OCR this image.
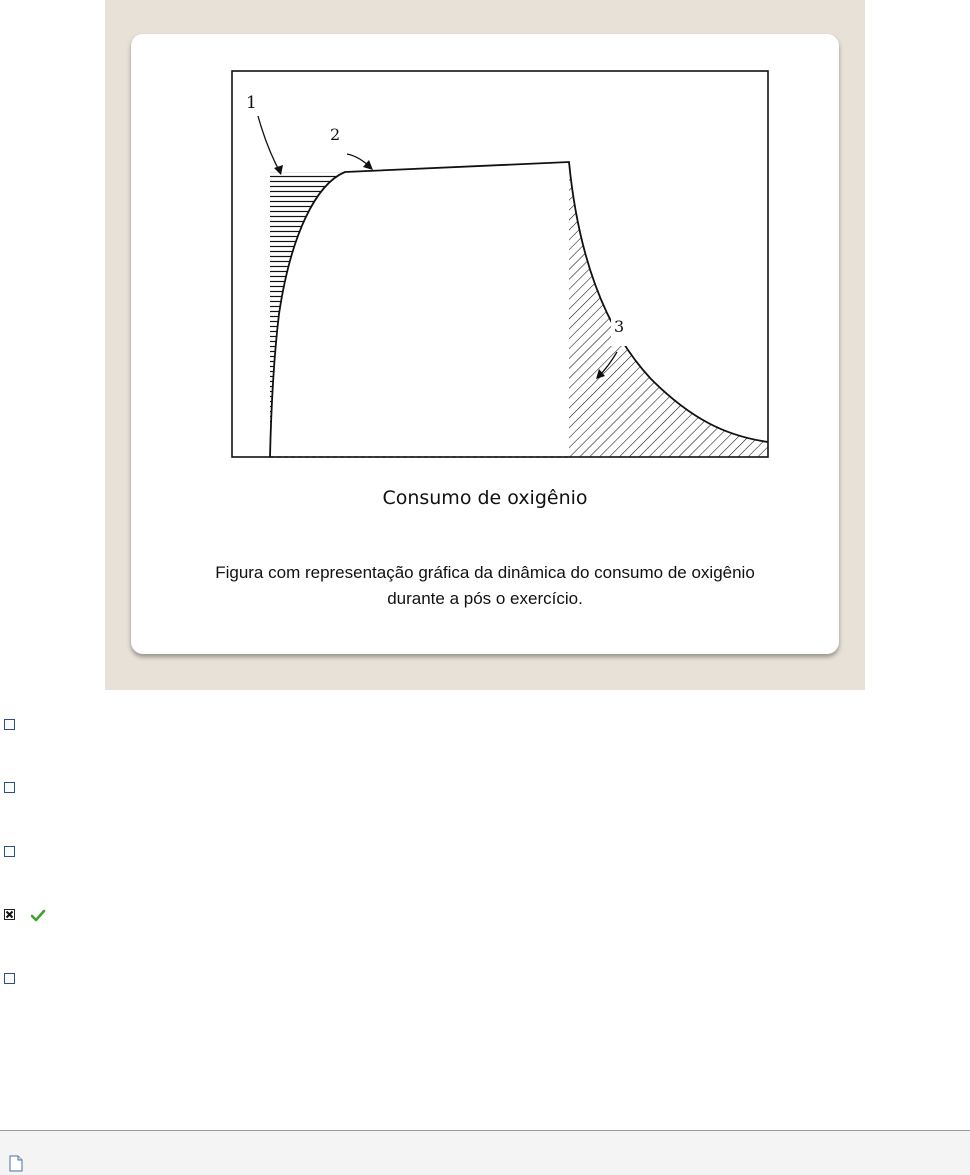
1
2
3
Consumo de oxigênio
Figura com representação gráfica da dinâmica do consumo de oxigênio
durante a pós o exercício.
